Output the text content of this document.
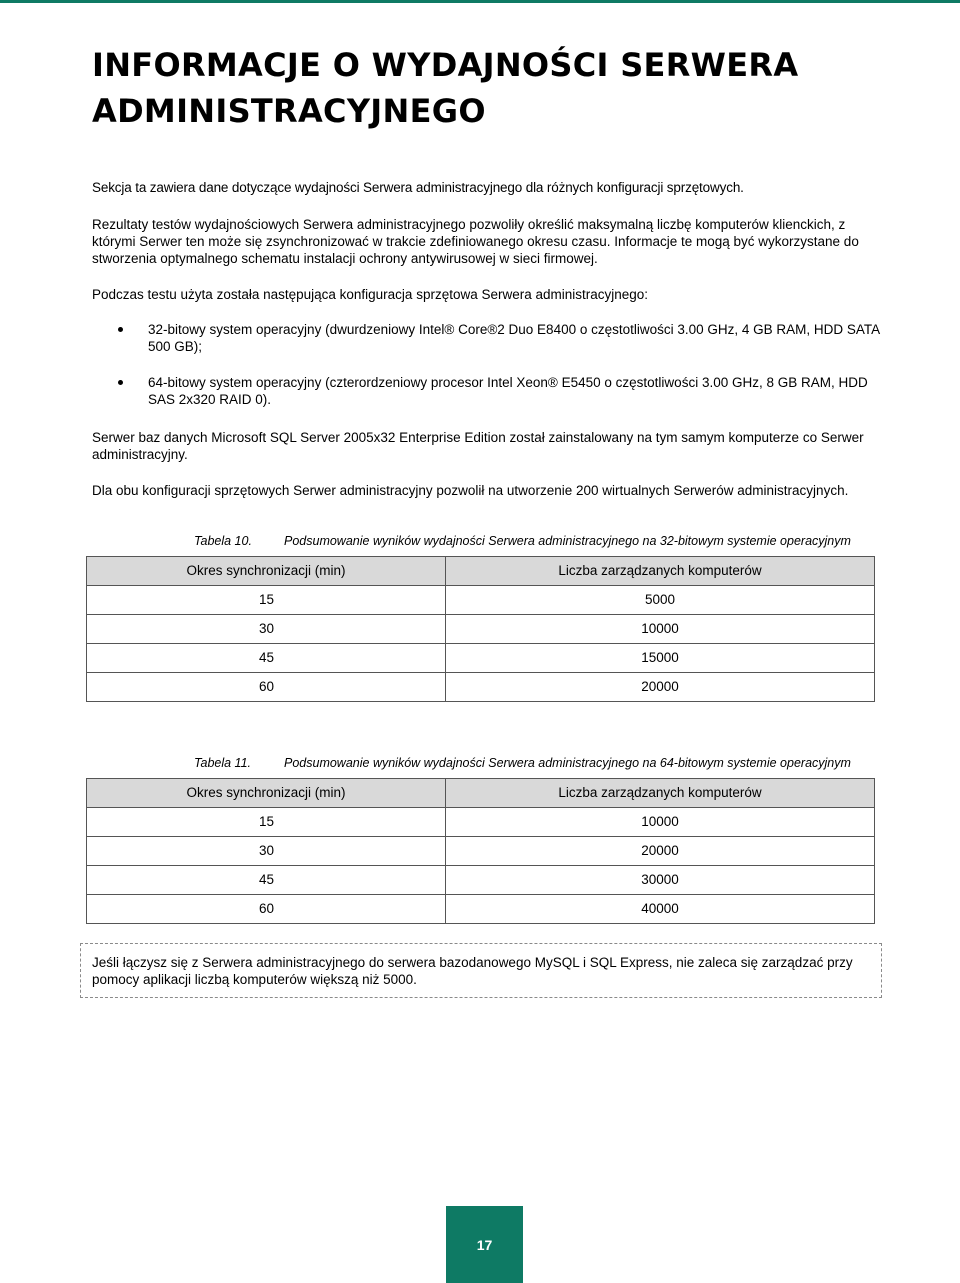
INFORMACJE O WYDAJNOŚCI SERWERA
ADMINISTRACYJNEGO

Sekcja ta zawiera dane dotyczące wydajności Serwera administracyjnego dla różnych konfiguracji sprzętowych.

Rezultaty testów wydajnościowych Serwera administracyjnego pozwoliły określić maksymalną liczbę komputerów klienckich, z którymi Serwer ten może się zsynchronizować w trakcie zdefiniowanego okresu czasu. Informacje te mogą być wykorzystane do stworzenia optymalnego schematu instalacji ochrony antywirusowej w sieci firmowej.

Podczas testu użyta została następująca konfiguracja sprzętowa Serwera administracyjnego:

32-bitowy system operacyjny (dwurdzeniowy Intel® Core®2 Duo E8400 o częstotliwości 3.00 GHz, 4 GB RAM, HDD SATA 500 GB);
64-bitowy system operacyjny (czterordzeniowy procesor Intel Xeon® E5450 o częstotliwości 3.00 GHz, 8 GB RAM, HDD SAS 2x320 RAID 0).

Serwer baz danych Microsoft SQL Server 2005x32 Enterprise Edition został zainstalowany na tym samym komputerze co Serwer administracyjny.

Dla obu konfiguracji sprzętowych Serwer administracyjny pozwolił na utworzenie 200 wirtualnych Serwerów administracyjnych.

Tabela 10.	Podsumowanie wyników wydajności Serwera administracyjnego na 32-bitowym systemie operacyjnym
Okres synchronizacji (min)	Liczba zarządzanych komputerów
15	5000
30	10000
45	15000
60	20000
Tabela 11.	Podsumowanie wyników wydajności Serwera administracyjnego na 64-bitowym systemie operacyjnym
Okres synchronizacji (min)	Liczba zarządzanych komputerów
15	10000
30	20000
45	30000
60	40000
Jeśli łączysz się z Serwera administracyjnego do serwera bazodanowego MySQL i SQL Express, nie zaleca się zarządzać przy pomocy aplikacji liczbą komputerów większą niż 5000.
17
